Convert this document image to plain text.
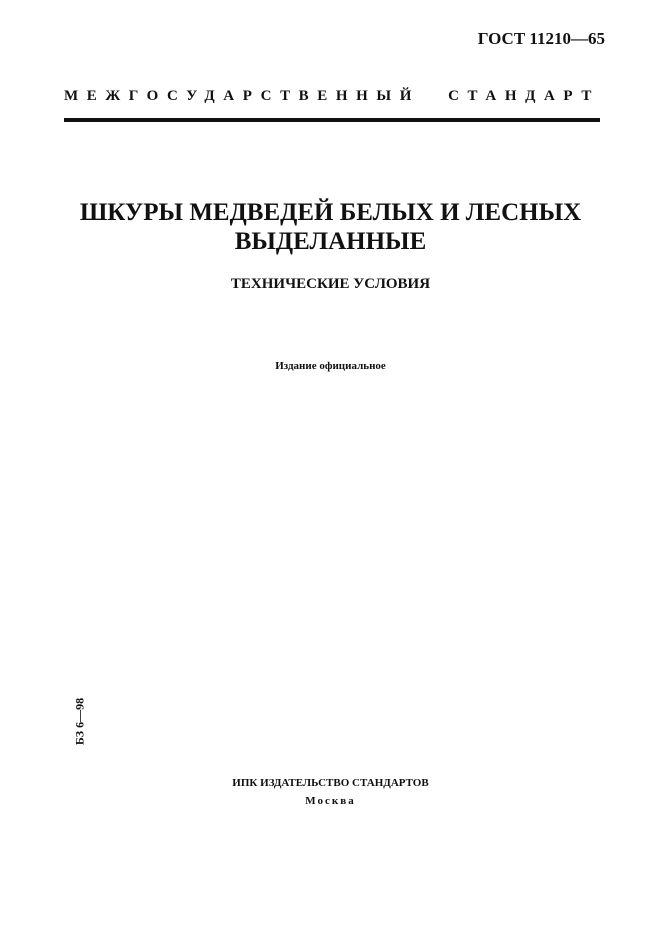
ГОСТ 11210—65
МЕЖГОСУДАРСТВЕННЫЙ СТАНДАРТ
ШКУРЫ МЕДВЕДЕЙ БЕЛЫХ И ЛЕСНЫХ
ВЫДЕЛАННЫЕ
ТЕХНИЧЕСКИЕ УСЛОВИЯ
Издание официальное
БЗ 6—98
ИПК ИЗДАТЕЛЬСТВО СТАНДАРТОВ
Москва
